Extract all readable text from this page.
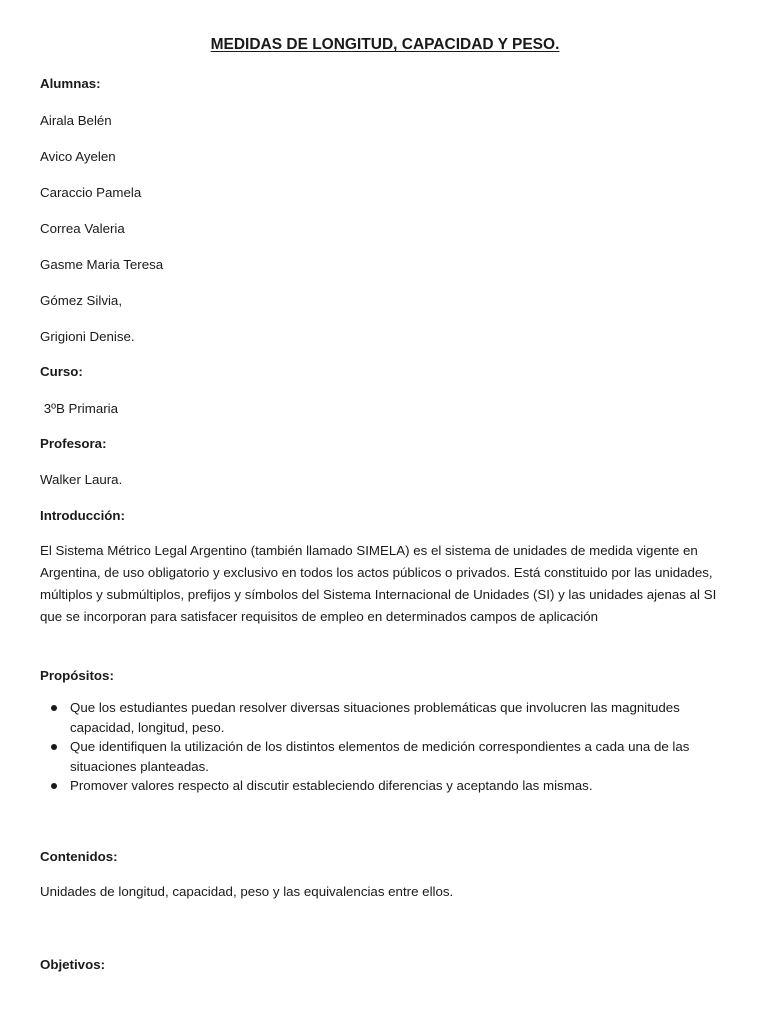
MEDIDAS DE LONGITUD, CAPACIDAD Y PESO.

Alumnas:

Airala Belén

Avico Ayelen

Caraccio Pamela

Correa Valeria

Gasme Maria Teresa

Gómez Silvia,

Grigioni Denise.

Curso:

3ºB Primaria

Profesora:

Walker Laura.

Introducción:

El Sistema Métrico Legal Argentino (también llamado SIMELA) es el sistema de unidades de medida vigente en Argentina, de uso obligatorio y exclusivo en todos los actos públicos o privados. Está constituido por las unidades, múltiplos y submúltiplos, prefijos y símbolos del Sistema Internacional de Unidades (SI) y las unidades ajenas al SI que se incorporan para satisfacer requisitos de empleo en determinados campos de aplicación

Propósitos:

Que los estudiantes puedan resolver diversas situaciones problemáticas que involucren las magnitudes capacidad, longitud, peso.
Que identifiquen la utilización de los distintos elementos de medición correspondientes a cada una de las situaciones planteadas.
Promover valores respecto al discutir estableciendo diferencias y aceptando las mismas.

Contenidos:

Unidades de longitud, capacidad, peso y las equivalencias entre ellos.

Objetivos:
